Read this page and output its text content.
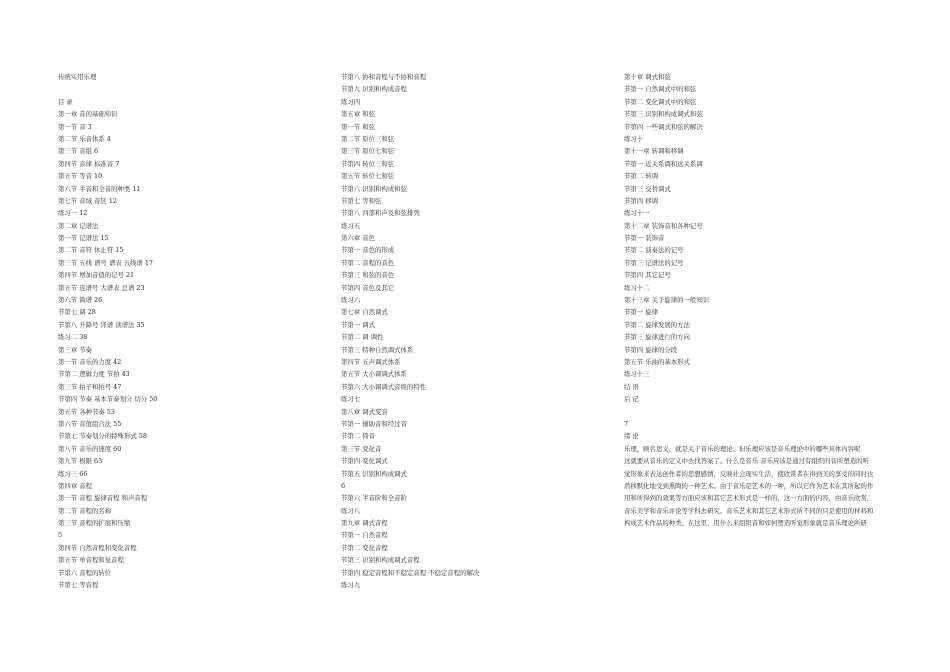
传统实用乐理
目 录
第一章 音的基础知识
第一节 音 3
第二节 乐音体系 4
第三节 音组 6
第四节 音律 标准音 7
第五节 等音 10
第六节 半音和全音的种类 11
第七节 音域 音区 12
练习一 12
第二章 记谱法
第一节 记谱法 15
第二节 音符 休止符 15
第三节 五线 谱号 谱表 五线谱 17
第四节 增加音值的记号 21
第五节 连谱号 大谱表 总谱 23
第六节 简谱 26
节第七 调 28
节第八 升降号 译谱 读谱法 35
练习二 38
第三章 节奏
第一节 音乐的力度 42
节第二 逻辑力度 节拍 43
第三节 拍子和拍号 47
节第四 节奏 基本节奏划分 切分 50
第五节 各种节奏 53
第六节 音值组合法 55
节第七 节奏划分的特殊形式 58
第八节 音乐的速度 60
第九节 极限 63
练习三 66
第四章 音程
第一节 音程 旋律音程 和声音程
第二节 音程的名称
第三节 音程的扩展和压缩
5
第四节 自然音程和变化音程
第五节 单音程和复音程
节第六 音程的转位
节第七 等音程
节第八 协和音程与不协和音程
节第九 识别和构成音程
练习四
第五章 和弦
第一节 和弦
第二节 原位三和弦
第三节 原位七和弦
节第四 转位三和弦
第五节 转位七和弦
节第六 识别和构成和弦
节第七 等和弦
节第八 四部和声及和弦排列
练习五
第六章 音色
节第一 音色的形成
节第二 音程的音色
节第三 和弦的音色
节第四 音色及其它
练习六
第七章 自然调式
节第一 调式
节第二 调 调性
节第三 特种自然调式体系
第四节 五声调式体系
第五节 大小调调式体系
节第六 大小调调式音级的特性
练习七
第八章 调式变音
节第一 辅助音和经过音
节第二 倚音
第三节 变化音
节第四 变化调式
节第五 识别和构成调式
6
节第六 半音阶和全音阶
练习八
第九章 调式音程
节第一 自然音程
节第二 变化音程
节第三 识别和构成调式音程
节第四 稳定音程和不稳定音程 不稳定音程的解决
练习九
第十章 调式和弦
节第一 自然调式中的和弦
节第二 变化调式中的和弦
节第三 识别和构成调式和弦
节第四 一些调式和弦的解决
练习十
第十一章 转调和移调
节第一 近关系调和远关系调
节第二 转调
节第三 交替调式
节第四 移调
练习十一
第十二章 装饰音和各种记号
节第一 装饰音
节第二 演奏法的记号
节第三 记谱法的记号
节第四 其它记号
练习十二
第十三章 关于旋律的一般知识
节第一 旋律
节第二 旋律发展的方法
节第三 旋律进行的方向
节第四 旋律的分段
第五节 乐曲的基本形式
练习十三
结 语
后 记
7
绪 论
乐理，顾名思义，就是关于音乐的理论。但乐理应该是音乐理论中的哪些具体内容呢
这就要从音乐的定义中去找答案了。什么是音乐 音乐应该是通过有组织的音所塑造的听
觉形象来表达创作者的思想感情，反映社会现实生活，使欣赏者在得到美的享受的同时也
潜移默化地受到熏陶的一种艺术。由于音乐是艺术的一种，所以它作为艺术在其所起的作
用和所得到的效果等方面应该和其它艺术形式是一样的，这一方面的内容，由音乐欣赏，
音乐美学和音乐评论等学科去研究。音乐艺术和其它艺术形式所不同的只是使用的材料和
构成艺术作品的种类。在这里，用什么来组织音和如何塑造听觉形象就是音乐理论所研
